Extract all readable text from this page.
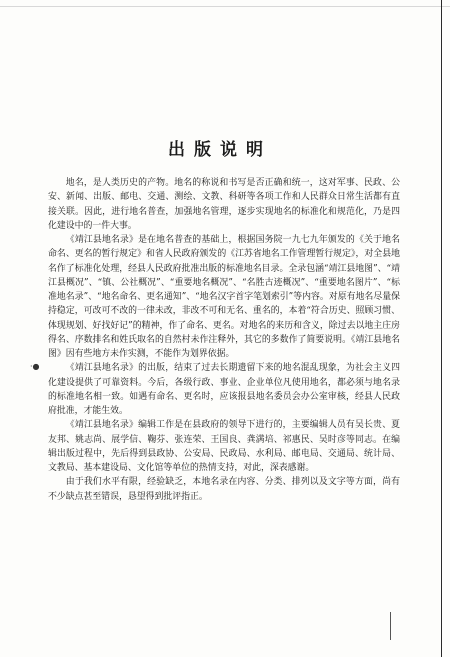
出版说明

地名，是人类历史的产物。地名的称说和书写是否正确和统一，这对军事、民政、公安、新闻、出版、邮电、交通、测绘、文教、科研等各项工作和人民群众日常生活都有直接关联。因此，进行地名普查，加强地名管理，逐步实现地名的标准化和规范化，乃是四化建设中的一件大事。

《靖江县地名录》是在地名普查的基础上，根据国务院一九七九年颁发的《关于地名命名、更名的暂行规定》和省人民政府颁发的《江苏省地名工作管理暂行规定》，对全县地名作了标准化处理，经县人民政府批准出版的标准地名目录。全录包涵“靖江县地图”、“靖江县概况”、“镇、公社概况”、“重要地名概况”、“名胜古迹概况”、“重要地名图片”、“标准地名录”、“地名命名、更名通知”、“地名汉字首字笔划索引”等内容。对原有地名尽量保持稳定，可改可不改的一律未改，非改不可和无名、重名的，本着“符合历史、照顾习惯、体现规划、好找好记”的精神，作了命名、更名。对地名的来历和含义，除过去以地主庄房得名、序数排名和姓氏取名的自然村未作注释外，其它的多数作了简要说明。《靖江县地名图》因有些地方未作实测，不能作为划界依据。

《靖江县地名录》的出版，结束了过去长期遗留下来的地名混乱现象，为社会主义四化建设提供了可靠资料。今后，各级行政、事业、企业单位凡使用地名，都必须与地名录的标准地名相一致。如遇有命名、更名时，应该报县地名委员会办公室审核，经县人民政府批准，才能生效。

《靖江县地名录》编辑工作是在县政府的领导下进行的，主要编辑人员有吴长贵、夏友邦、姚志尚、展学信、鞠芬、张连荣、王国良、龚满培、祁惠民、吴时彦等同志。在编辑出版过程中，先后得到县政协、公安局、民政局、水利局、邮电局、交通局、统计局、文教局、基本建设局、文化馆等单位的热情支持，对此，深表感谢。

由于我们水平有限，经验缺乏，本地名录在内容、分类、排列以及文字等方面，尚有不少缺点甚至错误，恳望得到批评指正。

·●
